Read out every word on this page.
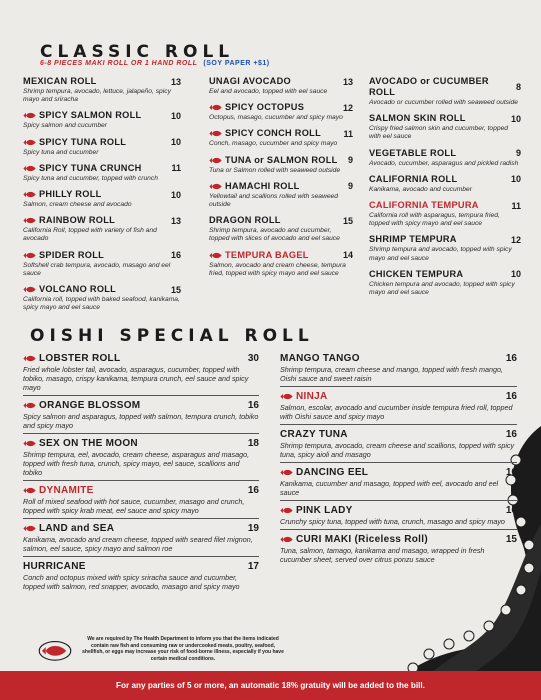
CLASSIC ROLL
6-8 PIECES MAKI ROLL OR 1 HAND ROLL (SOY PAPER +$1)
MEXICAN ROLL	13
Shrimp tempura, avocado, lettuce, jalapeño, spicy mayo and sriracha
SPICY SALMON ROLL	10
Spicy salmon and cucumber
SPICY TUNA ROLL	10
Spicy tuna and cucumber
SPICY TUNA CRUNCH	11
Spicy tuna and cucumber, topped with crunch
PHILLY ROLL	10
Salmon, cream cheese and avocado
RAINBOW ROLL	13
California Roll, topped with variety of fish and avocado
SPIDER ROLL	16
Softshell crab tempura, avocado, masago and eel sauce
VOLCANO ROLL	15
California roll, topped with baked seafood, kanikama, spicy mayo and eel sauce
UNAGI AVOCADO	13
Eel and avocado, topped with eel sauce
SPICY OCTOPUS	12
Octopus, masago, cucumber and spicy mayo
SPICY CONCH ROLL 11
Conch, masago, cucumber and spicy mayo
TUNA or SALMON ROLL 9
Tuna or Salmon rolled with seaweed outside
HAMACHI ROLL	9
Yellowtail and scallions rolled with seaweed outside
DRAGON ROLL	15
Shrimp tempura, avocado and cucumber, topped with slices of avocado and eel sauce
TEMPURA BAGEL	14
Salmon, avocado and cream cheese, tempura fried, topped with spicy mayo and eel sauce
AVOCADO or CUCUMBER ROLL	8
Avocado or cucumber rolled with seaweed outside
SALMON SKIN ROLL	10
Crispy fried salmon skin and cucumber, topped with eel sauce
VEGETABLE ROLL	9
Avocado, cucumber, asparagus and pickled radish
CALIFORNIA ROLL	10
Kanikama, avocado and cucumber
CALIFORNIA TEMPURA	11
California roll with asparagus, tempura fried, topped with spicy mayo and eel sauce
SHRIMP TEMPURA	12
Shrimp tempura and avocado, topped with spicy mayo and eel sauce
CHICKEN TEMPURA	10
Chicken tempura and avocado, topped with spicy mayo and eel sauce
OISHI SPECIAL ROLL
LOBSTER ROLL	30
Fried whole lobster tail, avocado, asparagus, cucumber, topped with tobiko, masago, crispy kanikama, tempura crunch, eel sauce and spicy mayo
ORANGE BLOSSOM	16
Spicy salmon and asparagus, topped with salmon, tempura crunch, tobiko and spicy mayo
SEX ON THE MOON	18
Shrimp tempura, eel, avocado, cream cheese, asparagus and masago, topped with fresh tuna, crunch, spicy mayo, eel sauce, scallions and tobiko
DYNAMITE	16
Roll of mixed seafood with hot sauce, cucumber, masago and crunch, topped with spicy krab meat, eel sauce and spicy mayo
LAND and SEA	19
Kanikama, avocado and cream cheese, topped with seared filet mignon, salmon, eel sauce, spicy mayo and salmon roe
HURRICANE	17
Conch and octopus mixed with spicy sriracha sauce and cucumber, topped with salmon, red snapper, avocado, masago and spicy mayo
MANGO TANGO	16
Shrimp tempura, cream cheese and mango, topped with fresh mango, Oishi sauce and sweet raisin
NINJA	16
Salmon, escolar, avocado and cucumber inside tempura fried roll, topped with Oishi sauce and spicy mayo
CRAZY TUNA	16
Shrimp tempura, avocado, cream cheese and scallions, topped with spicy tuna, spicy aioli and masago
DANCING EEL	16
Kanikama, cucumber and masago, topped with eel, avocado and eel sauce
PINK LADY	16
Crunchy spicy tuna, topped with tuna, crunch, masago and spicy mayo
CURI MAKI (Riceless Roll)	15
Tuna, salmon, tamago, kanikama and masago, wrapped in fresh cucumber sheet, served over citrus ponzu sauce
We are required by The Health Department to inform you that the items indicated contain raw fish and consuming raw or undercooked meats, poultry, seafood, shellfish, or eggs may increase your risk of food-borne illness, especially if you have certain medical conditions.
For any parties of 5 or more, an automatic 18% gratuity will be added to the bill.
